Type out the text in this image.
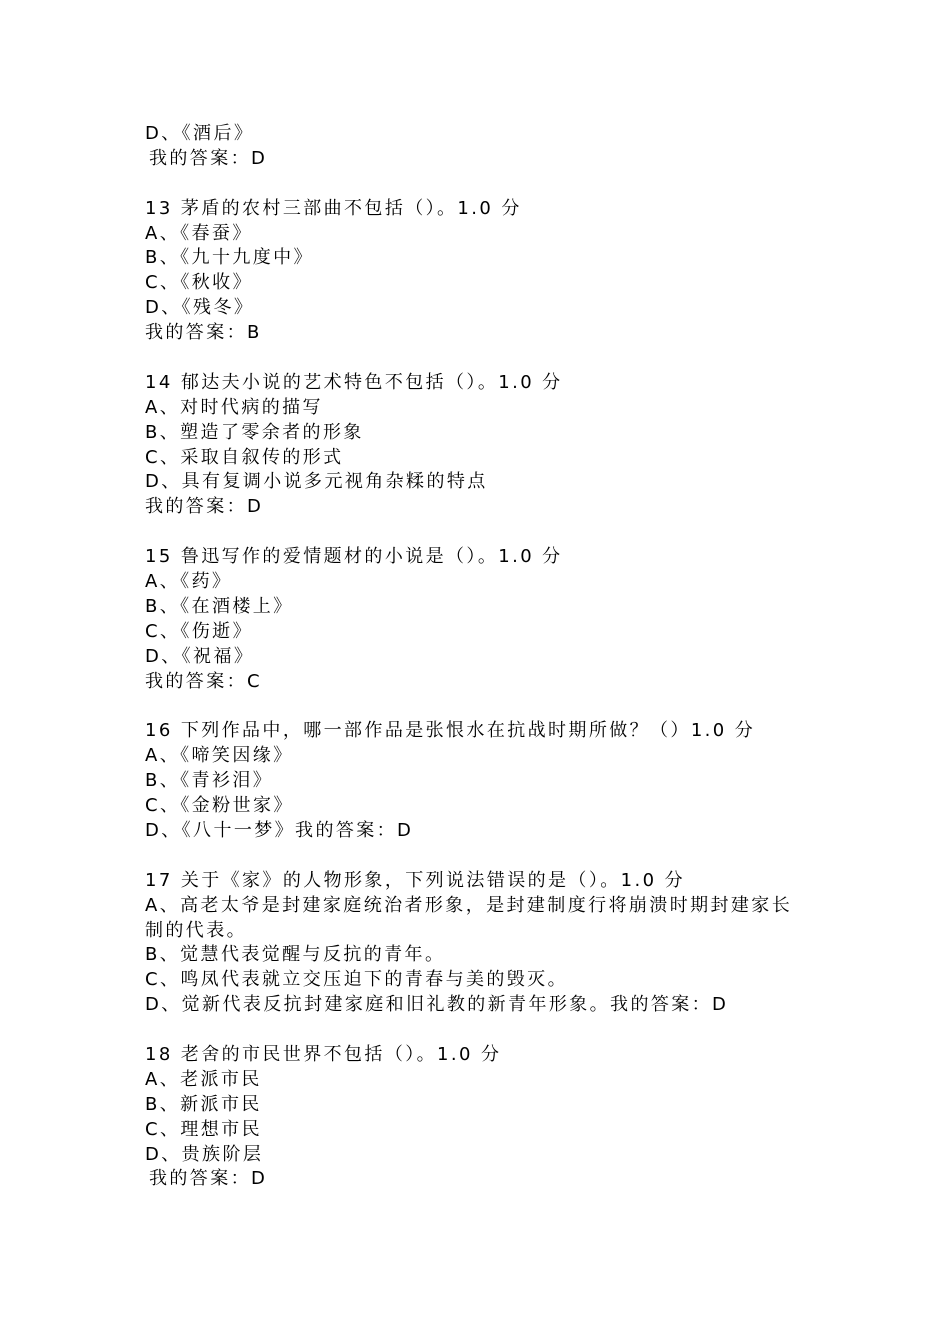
D、《酒后》
我的答案：D
13 茅盾的农村三部曲不包括（）。1.0 分
A、《春蚕》
B、《九十九度中》
C、《秋收》
D、《残冬》
我的答案：B
14 郁达夫小说的艺术特色不包括（）。1.0 分
A、对时代病的描写
B、塑造了零余者的形象
C、采取自叙传的形式
D、具有复调小说多元视角杂糅的特点
我的答案：D
15 鲁迅写作的爱情题材的小说是（）。1.0 分
A、《药》
B、《在酒楼上》
C、《伤逝》
D、《祝福》
我的答案：C
16 下列作品中，哪一部作品是张恨水在抗战时期所做？（）1.0 分
A、《啼笑因缘》
B、《青衫泪》
C、《金粉世家》
D、《八十一梦》我的答案：D
17 关于《家》的人物形象，下列说法错误的是（）。1.0 分
A、高老太爷是封建家庭统治者形象，是封建制度行将崩溃时期封建家长制的代表。
B、觉慧代表觉醒与反抗的青年。
C、鸣凤代表就立交压迫下的青春与美的毁灭。
D、觉新代表反抗封建家庭和旧礼教的新青年形象。我的答案：D
18 老舍的市民世界不包括（）。1.0 分
A、老派市民
B、新派市民
C、理想市民
D、贵族阶层
我的答案：D
